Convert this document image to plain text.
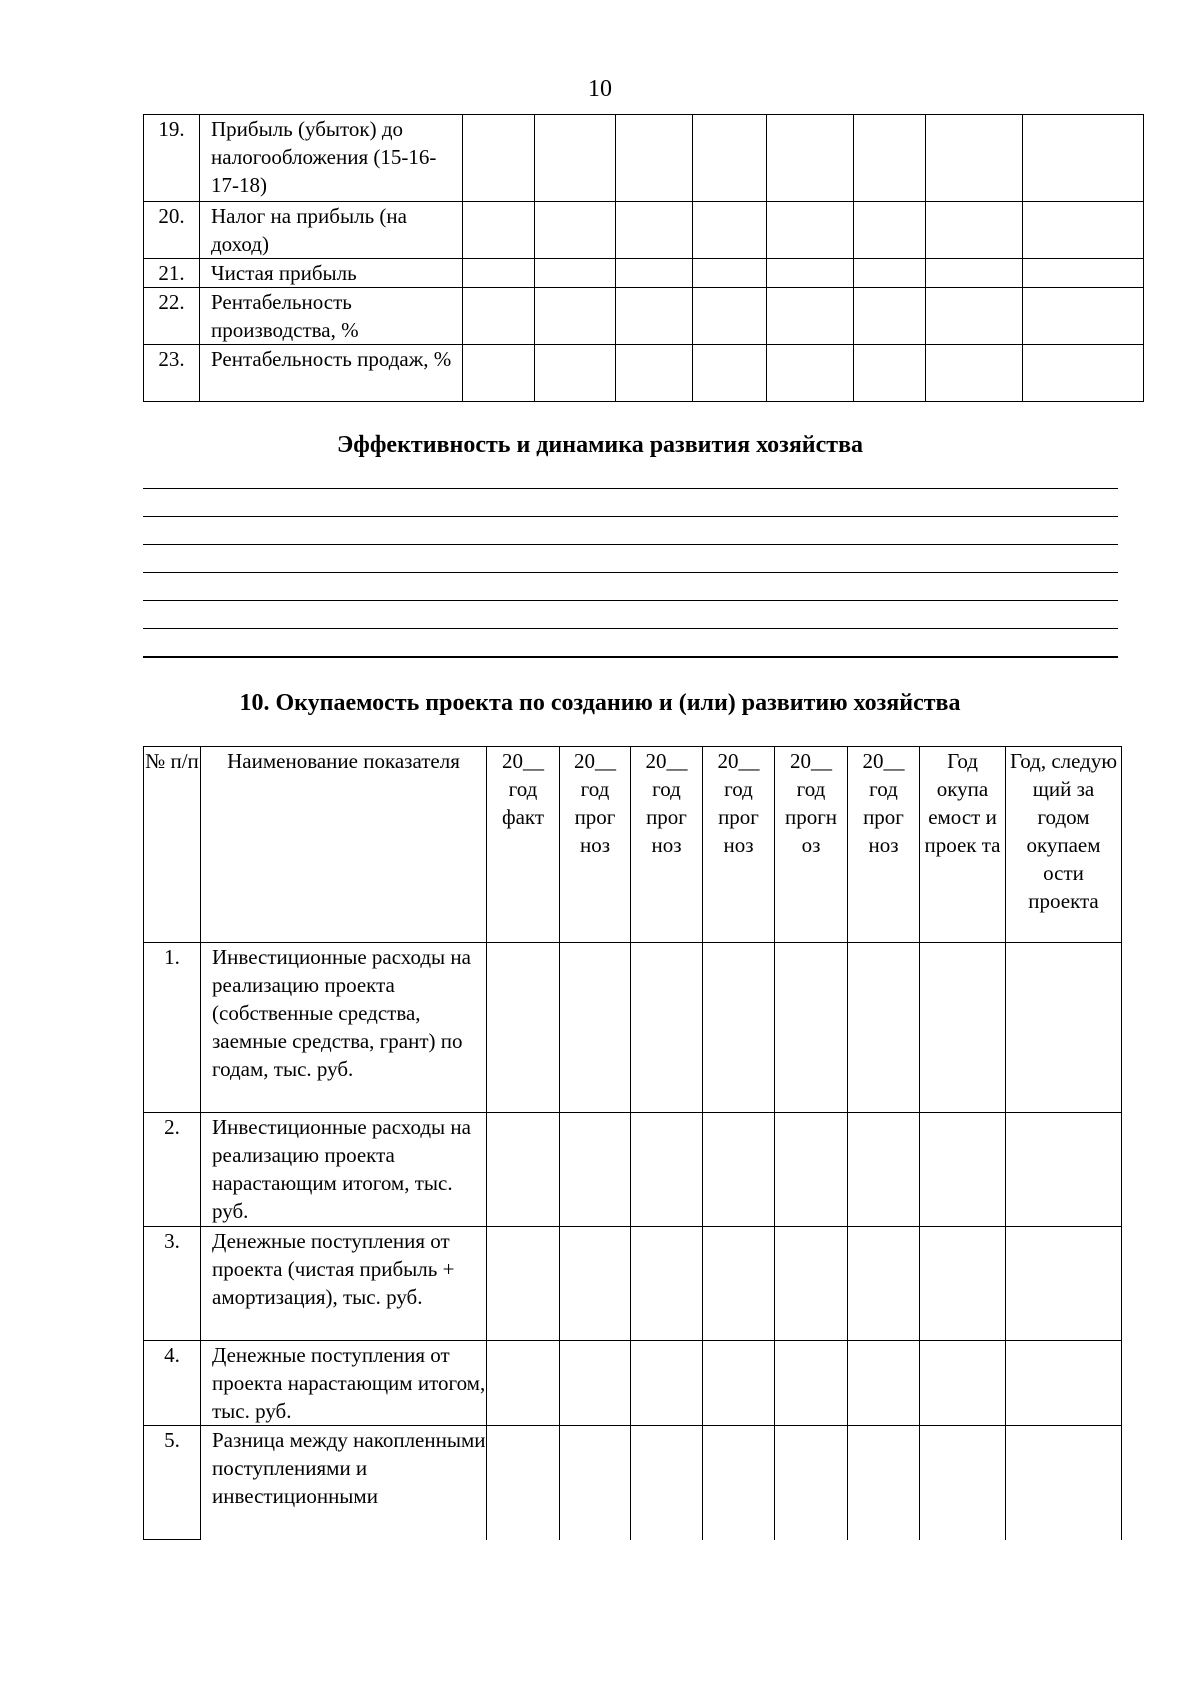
10
19.	Прибыль (убыток) до налогообложения (15-16-17-18)								
20.	Налог на прибыль (на доход)								
21.	Чистая прибыль								
22.	Рентабельность производства, %								
23.	Рентабельность продаж, %								
Эффективность и динамика развития хозяйства
10. Окупаемость проекта по созданию и (или) развитию хозяйства
№ п/п	Наименование показателя	20__ год факт	20__ год прог ноз	20__ год прог ноз	20__ год прог ноз	20__ год прогн оз	20__ год прог ноз	Год окупа емост и проек та	Год, следую щий за годом окупаем ости проекта
1.	Инвестиционные расходы на реализацию проекта (собственные средства, заемные средства, грант) по годам, тыс. руб.								
2.	Инвестиционные расходы на реализацию проекта нарастающим итогом, тыс. руб.								
3.	Денежные поступления от проекта (чистая прибыль + амортизация), тыс. руб.								
4.	Денежные поступления от проекта нарастающим итогом, тыс. руб.								
5.	Разница между накопленными поступлениями и инвестиционными								
